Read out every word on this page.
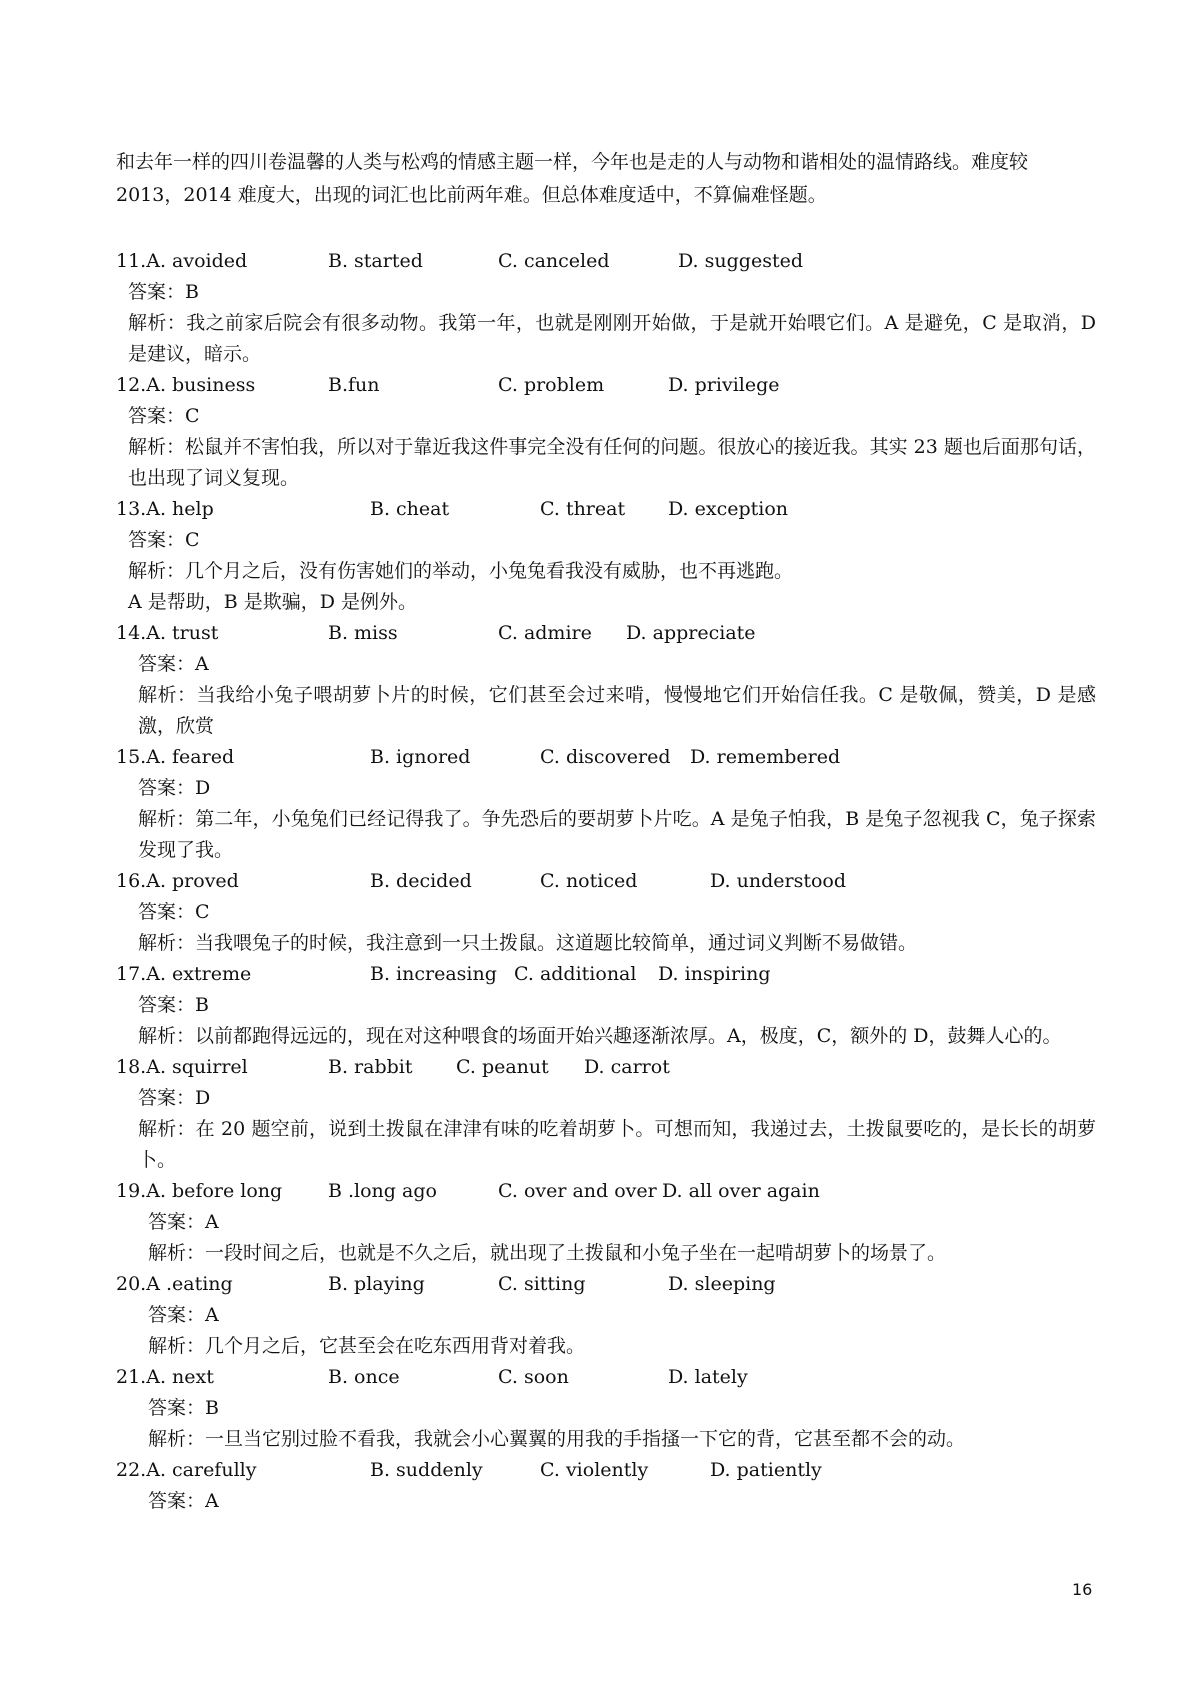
和去年一样的四川卷温馨的人类与松鸡的情感主题一样，今年也是走的人与动物和谐相处的温情路线。难度较 2013，2014 难度大，出现的词汇也比前两年难。但总体难度适中，不算偏难怪题。

11.A. avoided	B. started	C. canceled	D. suggested

答案：B

解析：我之前家后院会有很多动物。我第一年，也就是刚刚开始做，于是就开始喂它们。A 是避免，C 是取消，D 是建议，暗示。

12.A. business	B.fun	C. problem	D. privilege

答案：C

解析：松鼠并不害怕我，所以对于靠近我这件事完全没有任何的问题。很放心的接近我。其实 23 题也后面那句话，也出现了词义复现。

13.A. help	B. cheat	C. threat D. exception

答案：C

解析：几个月之后，没有伤害她们的举动，小兔兔看我没有威胁，也不再逃跑。

A 是帮助，B 是欺骗，D 是例外。

14.A. trust	B. miss	C. admire D. appreciate

答案：A

解析：当我给小兔子喂胡萝卜片的时候，它们甚至会过来啃，慢慢地它们开始信任我。C 是敬佩，赞美，D 是感激，欣赏

15.A. feared	B. ignored	C. discovered D. remembered

答案：D

解析：第二年，小兔兔们已经记得我了。争先恐后的要胡萝卜片吃。A 是兔子怕我，B 是兔子忽视我 C，兔子探索发现了我。

16.A. proved	B. decided	C. noticed	D. understood

答案：C

解析：当我喂兔子的时候，我注意到一只土拨鼠。这道题比较简单，通过词义判断不易做错。

17.A. extreme	B. increasing C. additional D. inspiring

答案：B

解析：以前都跑得远远的，现在对这种喂食的场面开始兴趣逐渐浓厚。A，极度，C，额外的 D，鼓舞人心的。

18.A. squirrel	B. rabbit C. peanut D. carrot

答案：D

解析：在 20 题空前，说到土拨鼠在津津有味的吃着胡萝卜。可想而知，我递过去，土拨鼠要吃的，是长长的胡萝卜。

19.A. before long B .long ago	C. over and over D. all over again

答案：A

解析：一段时间之后，也就是不久之后，就出现了土拨鼠和小兔子坐在一起啃胡萝卜的场景了。

20.A .eating	B. playing	C. sitting	D. sleeping

答案：A

解析：几个月之后，它甚至会在吃东西用背对着我。

21.A. next	B. once	C. soon	D. lately

答案：B

解析：一旦当它别过脸不看我，我就会小心翼翼的用我的手指搔一下它的背，它甚至都不会的动。

22.A. carefully	B. suddenly	C. violently	D. patiently

答案：A

16
